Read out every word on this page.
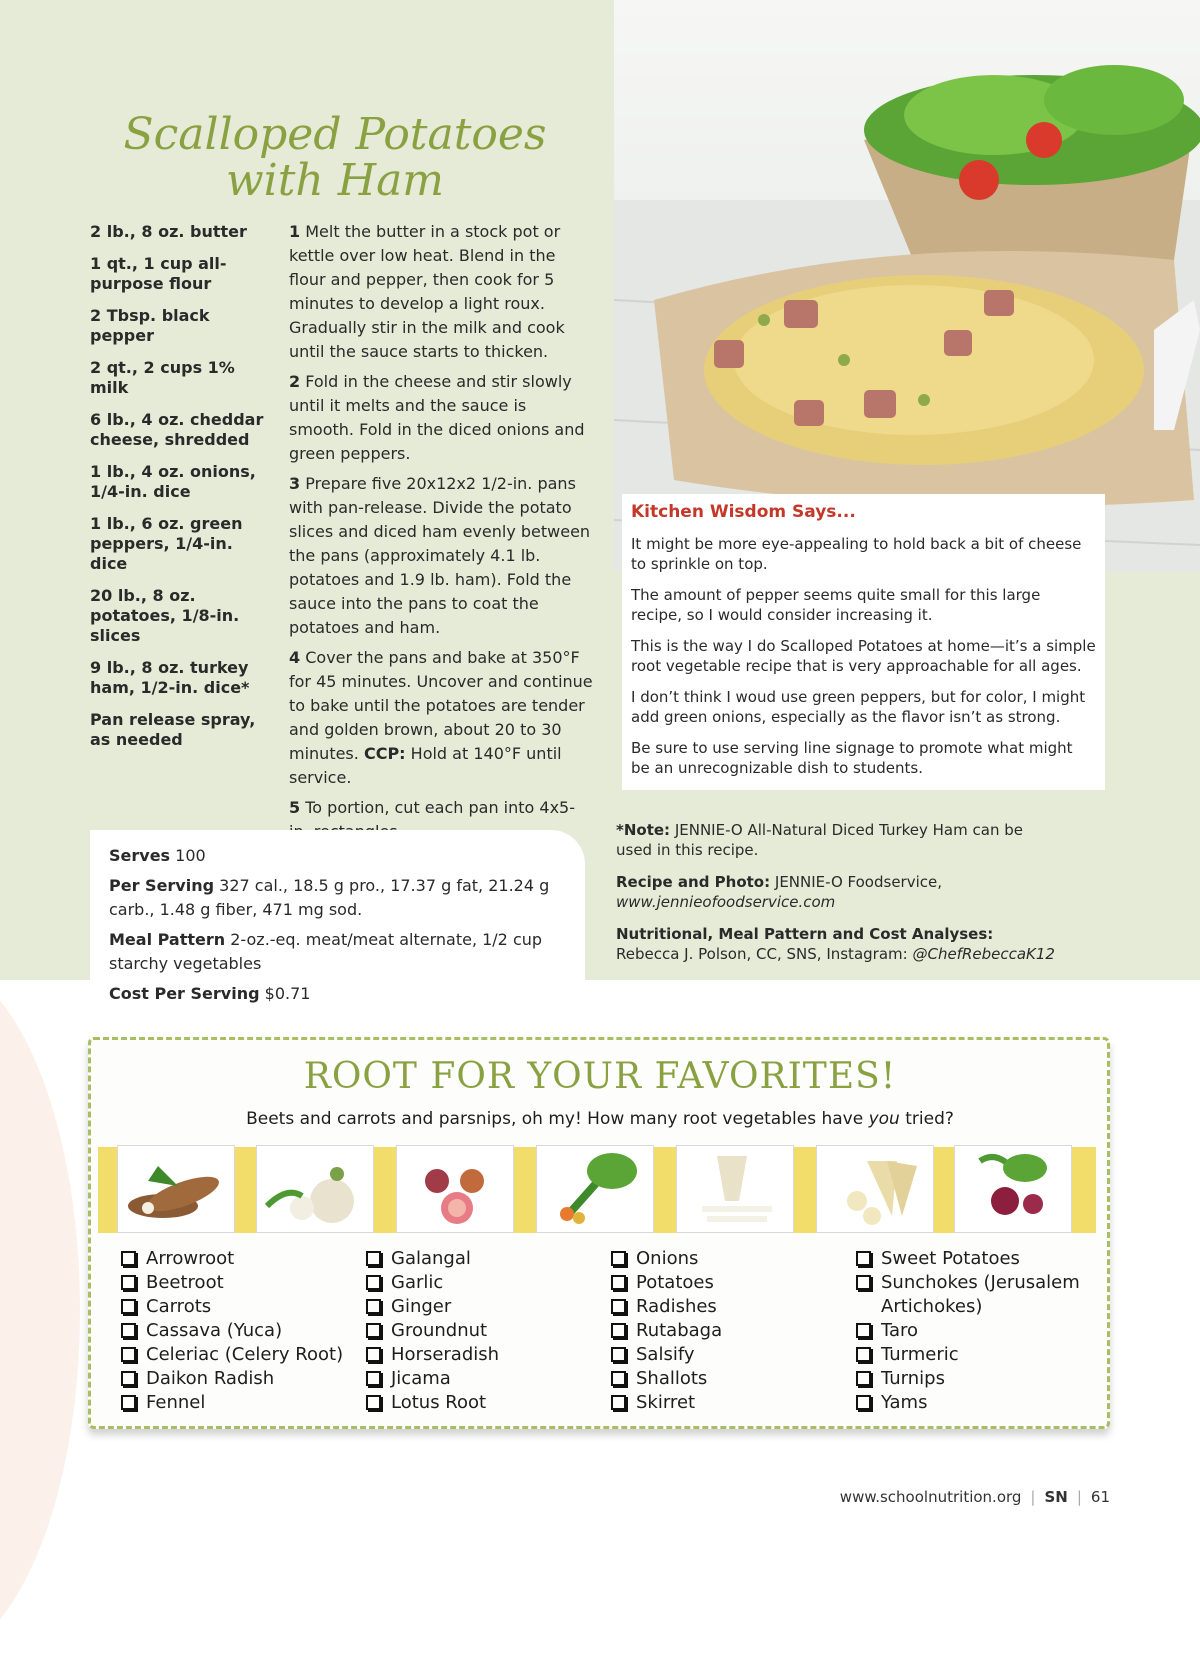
Scalloped Potatoes
with Ham

2 lb., 8 oz. butter

1 qt., 1 cup all-purpose flour

2 Tbsp. black pepper

2 qt., 2 cups 1% milk

6 lb., 4 oz. cheddar cheese, shredded

1 lb., 4 oz. onions, 1/4-in. dice

1 lb., 6 oz. green peppers, 1/4-in. dice

20 lb., 8 oz. potatoes, 1/8-in. slices

9 lb., 8 oz. turkey ham, 1/2-in. dice*

Pan release spray, as needed

1 Melt the butter in a stock pot or kettle over low heat. Blend in the flour and pepper, then cook for 5 minutes to develop a light roux. Gradually stir in the milk and cook until the sauce starts to thicken.

2 Fold in the cheese and stir slowly until it melts and the sauce is smooth. Fold in the diced onions and green peppers.

3 Prepare five 20x12x2 1/2-in. pans with pan-release. Divide the potato slices and diced ham evenly between the pans (approximately 4.1 lb. potatoes and 1.9 lb. ham). Fold the sauce into the pans to coat the potatoes and ham.

4 Cover the pans and bake at 350°F for 45 minutes. Uncover and continue to bake until the potatoes are tender and golden brown, about 20 to 30 minutes. CCP: Hold at 140°F until service.

5 To portion, cut each pan into 4x5-

Kitchen Wisdom Says...

It might be more eye-appealing to hold back a bit of cheese to sprinkle on top.

The amount of pepper seems quite small for this large recipe, so I would consider increasing it.

This is the way I do Scalloped Potatoes at home—it’s a simple root vegetable recipe that is very approachable for all ages.

I don’t think I woud use green peppers, but for color, I might add green onions, especially as the flavor isn’t as strong.

Be sure to use serving line signage to promote what might be an unrecognizable dish to students.

*Note: JENNIE-O All-Natural Diced Turkey Ham can be used in this recipe.

Recipe and Photo: JENNIE-O Foodservice,
www.jennieofoodservice.com

Nutritional, Meal Pattern and Cost Analyses:
Rebecca J. Polson, CC, SNS, Instagram: @ChefRebeccaK12

Serves 100

Per Serving 327 cal., 18.5 g pro., 17.37 g fat, 21.24 g carb., 1.48 g fiber, 471 mg sod.

Meal Pattern 2-oz.-eq. meat/meat alternate, 1/2 cup starchy vegetables

Cost Per Serving $0.71

ROOT FOR YOUR FAVORITES!
Beets and carrots and parsnips, oh my! How many root vegetables have you tried?
Arrowroot
Beetroot
Carrots
Cassava (Yuca)
Celeriac (Celery Root)
Daikon Radish
Fennel
Galangal
Garlic
Ginger
Groundnut
Horseradish
Jicama
Lotus Root
Onions
Potatoes
Radishes
Rutabaga
Salsify
Shallots
Skirret
Sweet Potatoes
Sunchokes (Jerusalem Artichokes)
Taro
Turmeric
Turnips
Yams
www.schoolnutrition.org | SN | 61
